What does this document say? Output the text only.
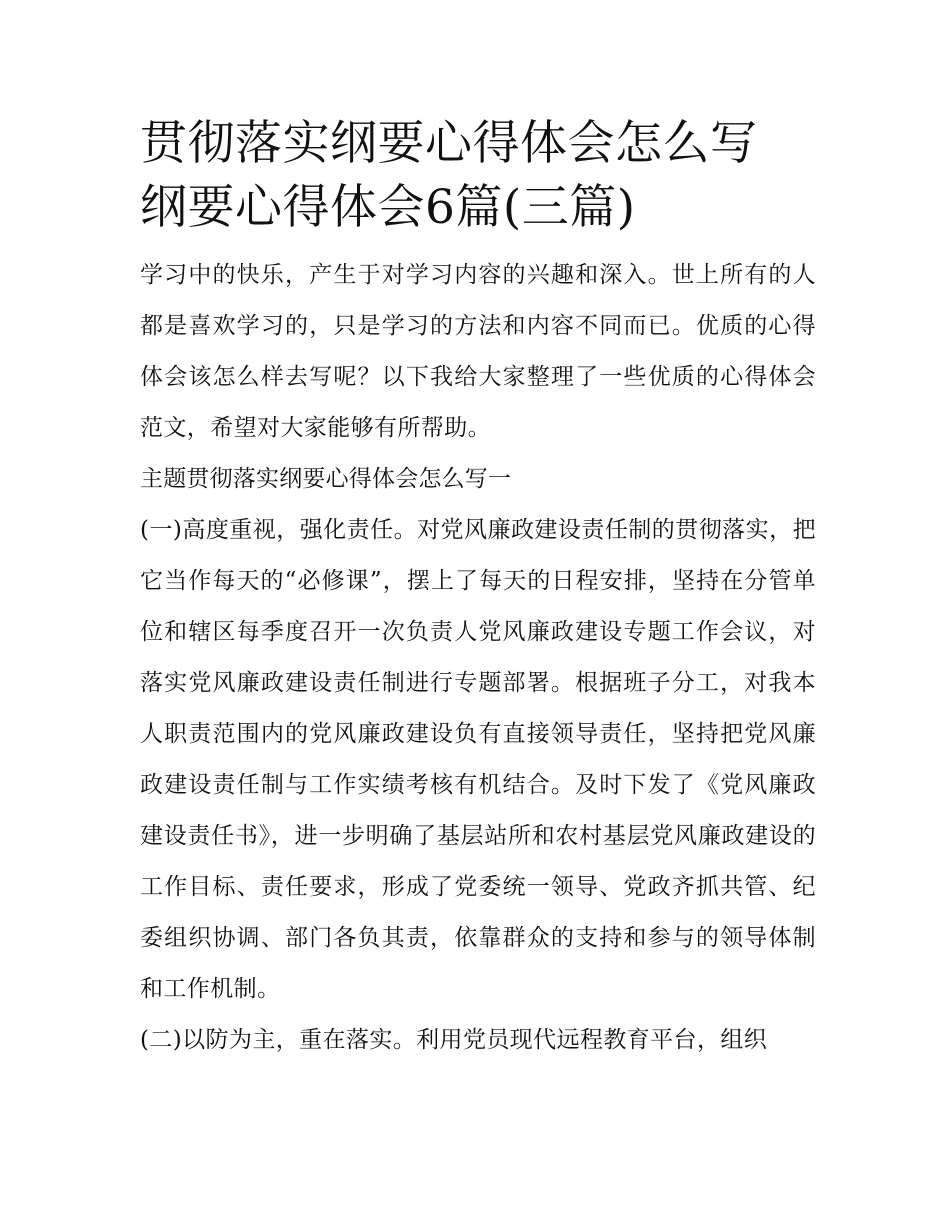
贯彻落实纲要心得体会怎么写
纲要心得体会6篇(三篇)

学习中的快乐，产生于对学习内容的兴趣和深入。世上所有的人都是喜欢学习的，只是学习的方法和内容不同而已。优质的心得体会该怎么样去写呢？以下我给大家整理了一些优质的心得体会范文，希望对大家能够有所帮助。

主题贯彻落实纲要心得体会怎么写一

(一)高度重视，强化责任。对党风廉政建设责任制的贯彻落实，把它当作每天的“必修课”，摆上了每天的日程安排，坚持在分管单位和辖区每季度召开一次负责人党风廉政建设专题工作会议，对落实党风廉政建设责任制进行专题部署。根据班子分工，对我本人职责范围内的党风廉政建设负有直接领导责任，坚持把党风廉政建设责任制与工作实绩考核有机结合。及时下发了《党风廉政建设责任书》，进一步明确了基层站所和农村基层党风廉政建设的工作目标、责任要求，形成了党委统一领导、党政齐抓共管、纪委组织协调、部门各负其责，依靠群众的支持和参与的领导体制和工作机制。

(二)以防为主，重在落实。利用党员现代远程教育平台，组织
